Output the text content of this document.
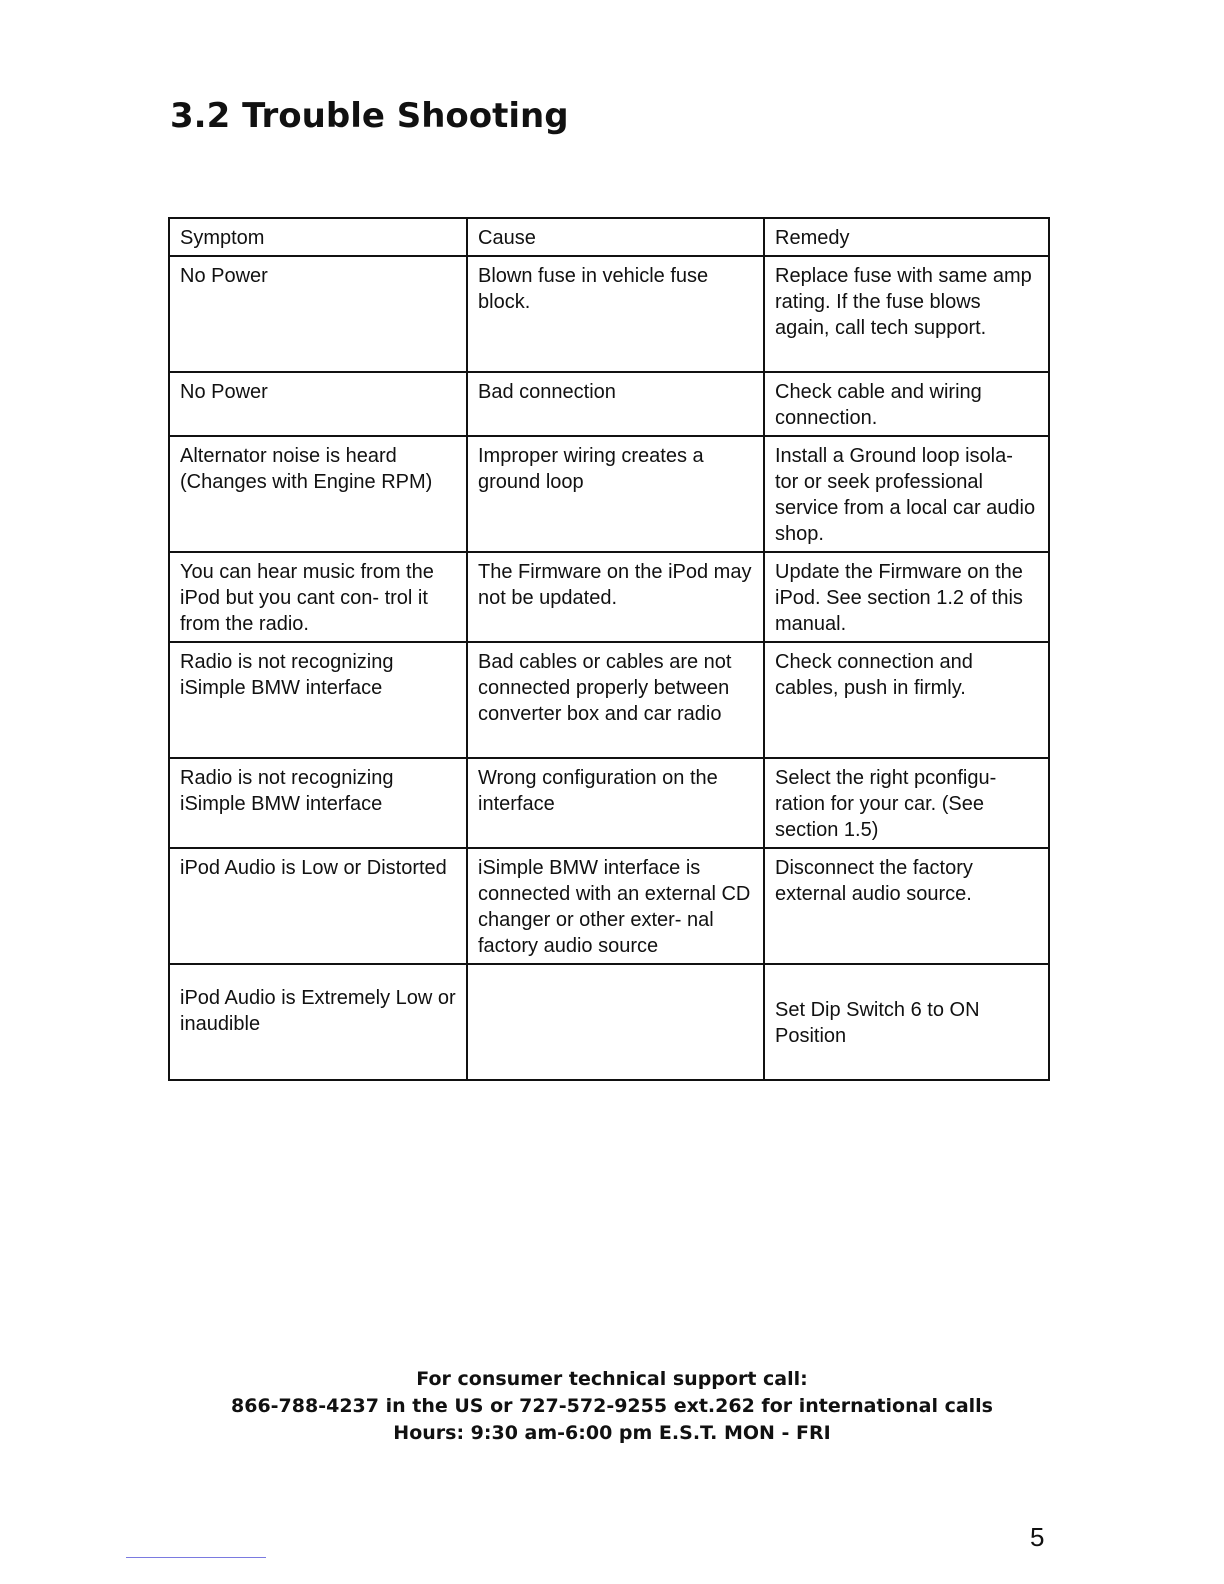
3.2 Trouble Shooting
Symptom	Cause	Remedy
No Power	Blown fuse in vehicle fuse block.	Replace fuse with same amp rating. If the fuse blows again, call tech support.
No Power	Bad connection	Check cable and wiring connection.
Alternator noise is heard (Changes with Engine RPM)	Improper wiring creates a ground loop	Install a Ground loop isola- tor or seek professional service from a local car audio shop.
You can hear music from the iPod but you cant con- trol it from the radio.	The Firmware on the iPod may not be updated.	Update the Firmware on the iPod. See section 1.2 of this manual.
Radio is not recognizing iSimple BMW interface	Bad cables or cables are not connected properly between converter box and car radio	Check connection and cables, push in firmly.
Radio is not recognizing iSimple BMW interface	Wrong configuration on the interface	Select the right pconfigu- ration for your car. (See section 1.5)
iPod Audio is Low or Distorted	iSimple BMW interface is connected with an external CD changer or other exter- nal factory audio source	Disconnect the factory external audio source.
iPod Audio is Extremely Low or inaudible		Set Dip Switch 6 to ON Position
For consumer technical support call:
866-788-4237 in the US or 727-572-9255 ext.262 for international calls
Hours: 9:30 am-6:00 pm E.S.T. MON - FRI
5
